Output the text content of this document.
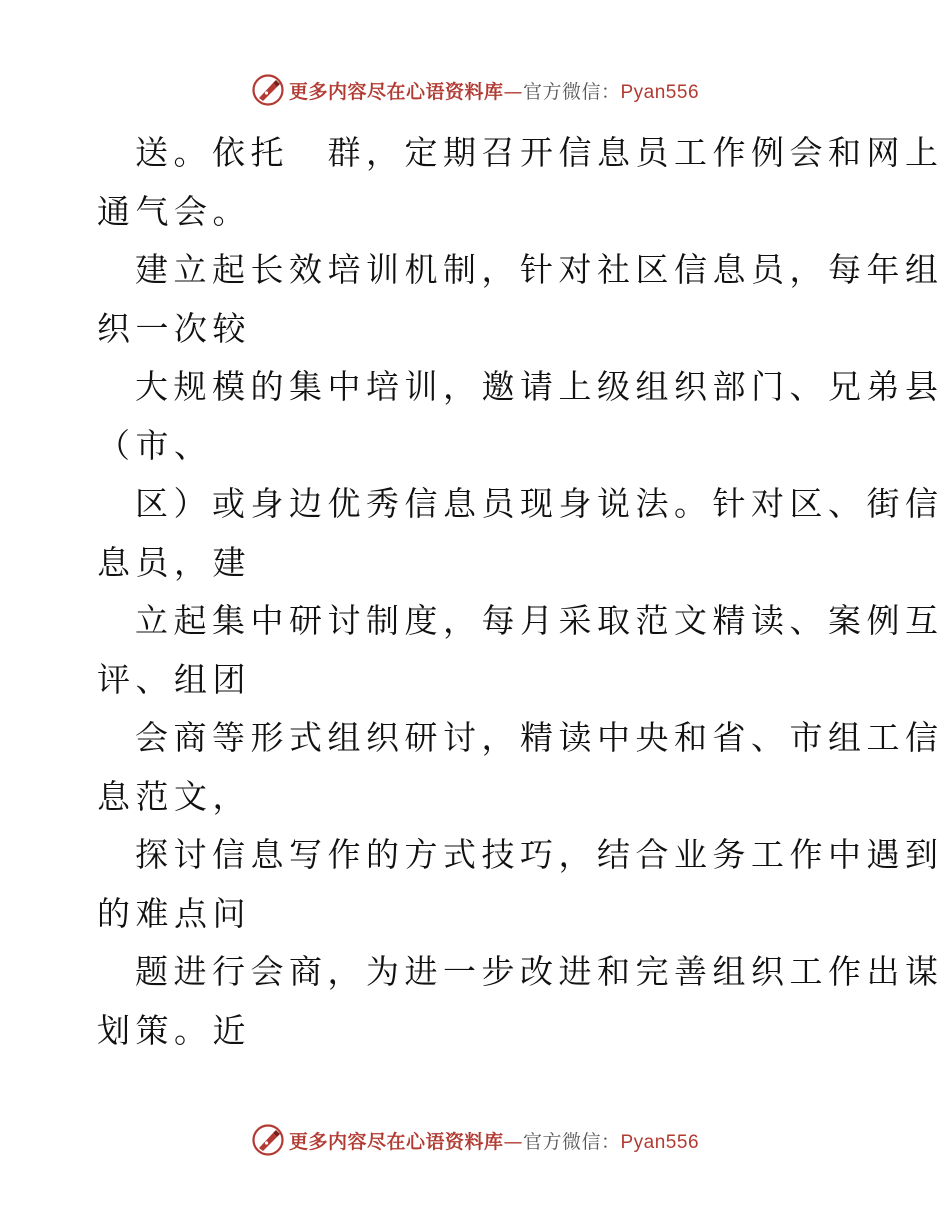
更多内容尽在心语资料库—官方微信：Pyan556
送。依托　群，定期召开信息员工作例会和网上
通气会。
建立起长效培训机制，针对社区信息员，每年组
织一次较
大规模的集中培训，邀请上级组织部门、兄弟县
（市、
区）或身边优秀信息员现身说法。针对区、街信
息员，建
立起集中研讨制度，每月采取范文精读、案例互
评、组团
会商等形式组织研讨，精读中央和省、市组工信
息范文，
探讨信息写作的方式技巧，结合业务工作中遇到
的难点问
题进行会商，为进一步改进和完善组织工作出谋
划策。近
更多内容尽在心语资料库—官方微信：Pyan556
